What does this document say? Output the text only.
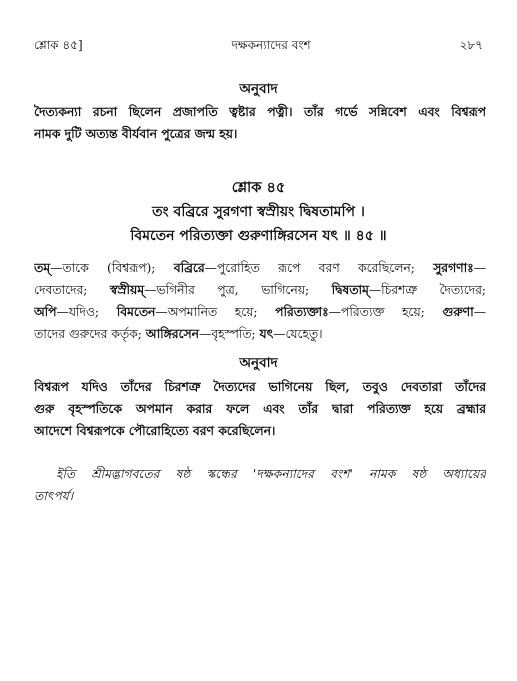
শ্লোক ৪৫]	দক্ষকন্যাদের বংশ	২৮৭
অনুবাদ
দৈত্যকন্যা রচনা ছিলেন প্রজাপতি ত্বষ্টার পত্নী। তাঁর গর্ভে সন্নিবেশ এবং বিশ্বরূপ
নামক দুটি অত্যন্ত বীর্যবান পুত্রের জন্ম হয়।
শ্লোক ৪৫
তং বব্রিরে সুরগণা স্বস্রীয়ং দ্বিষতামপি ।
বিমতেন পরিত্যক্তা গুরুণাঙ্গিরসেন যৎ ॥ ৪৫ ॥
তম্—তাকে (বিশ্বরূপ); বব্রিরে—পুরোহিত রূপে বরণ করেছিলেন; সুরগণাঃ—
দেবতাদের; স্বস্রীয়ম্—ভগিনীর পুত্র, ভাগিনেয়; দ্বিষতাম্—চিরশত্রু দৈত্যদের;
অপি—যদিও; বিমতেন—অপমানিত হয়ে; পরিত্যক্তাঃ—পরিত্যক্ত হয়ে; গুরুণা—
তাদের গুরুদের কর্তৃক; আঙ্গিরসেন—বৃহস্পতি; যৎ—যেহেতু।
অনুবাদ
বিশ্বরূপ যদিও তাঁদের চিরশত্রু দৈত্যদের ভাগিনেয় ছিল, তবুও দেবতারা তাঁদের
গুরু বৃহস্পতিকে অপমান করার ফলে এবং তাঁর দ্বারা পরিত্যক্ত হয়ে ব্রহ্মার
আদেশে বিশ্বরূপকে পৌরোহিত্যে বরণ করেছিলেন।
ইতি শ্রীমদ্ভাগবতের ষষ্ঠ স্কন্ধের 'দক্ষকন্যাদের বংশ' নামক ষষ্ঠ অধ্যায়ের
তাৎপর্য।
